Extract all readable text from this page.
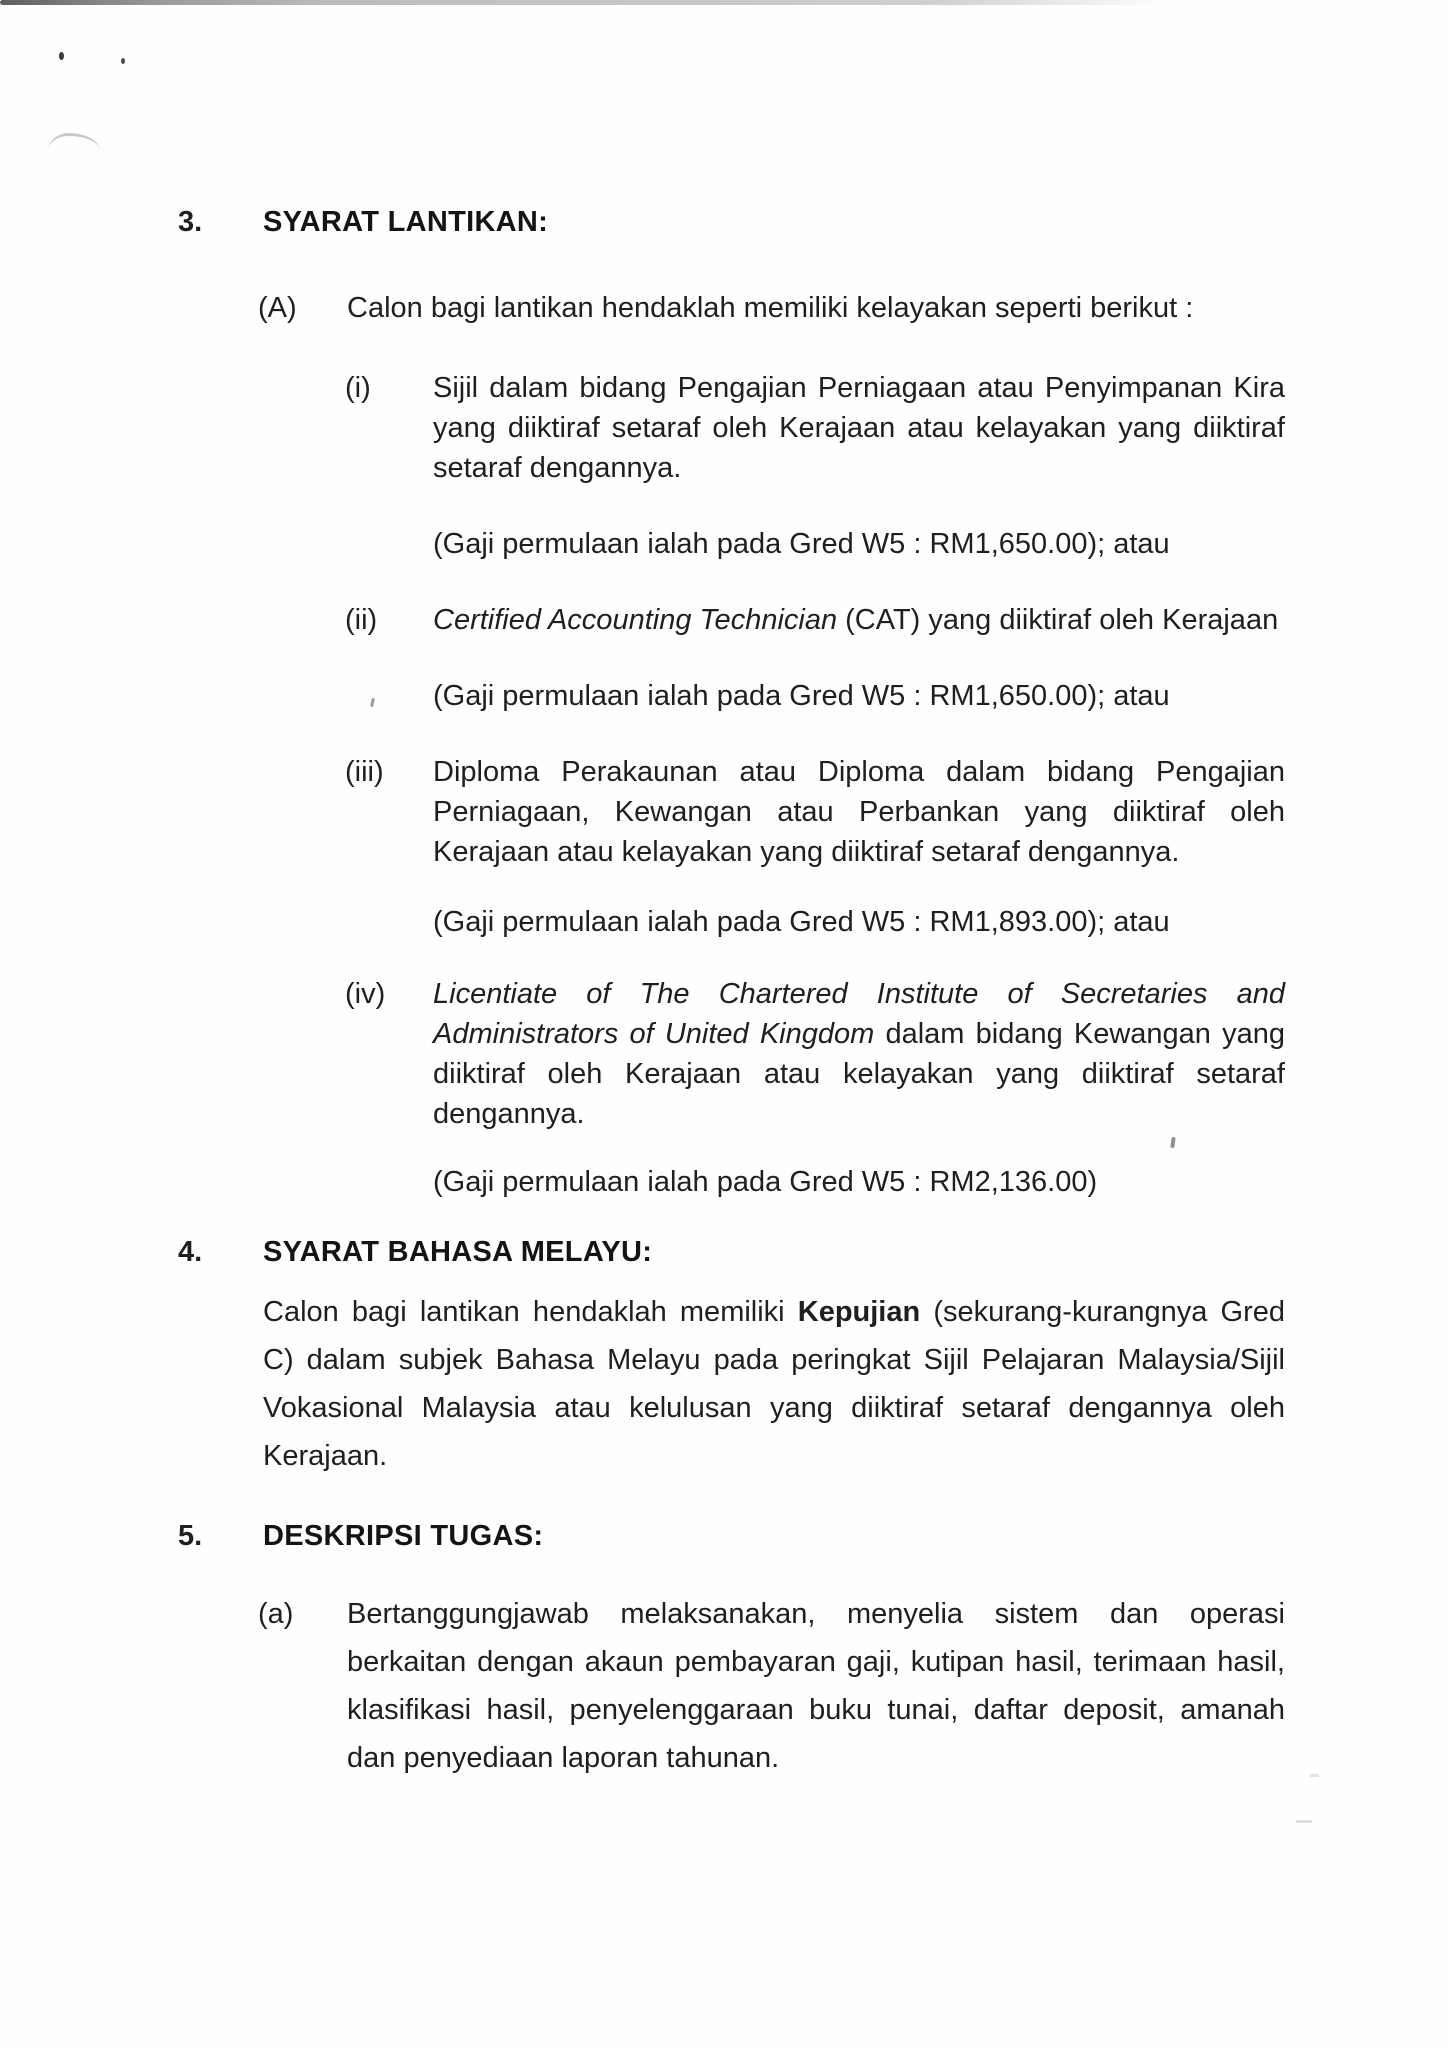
3.	SYARAT LANTIKAN:
(A)	Calon bagi lantikan hendaklah memiliki kelayakan seperti berikut :

(i)	Sijil dalam bidang Pengajian Perniagaan atau Penyimpanan Kira yang diiktiraf setaraf oleh Kerajaan atau kelayakan yang diiktiraf setaraf dengannya.

(Gaji permulaan ialah pada Gred W5 : RM1,650.00); atau

(ii)	Certified Accounting Technician (CAT) yang diiktiraf oleh Kerajaan

(Gaji permulaan ialah pada Gred W5 : RM1,650.00); atau

(iii)	Diploma Perakaunan atau Diploma dalam bidang Pengajian Perniagaan, Kewangan atau Perbankan yang diiktiraf oleh Kerajaan atau kelayakan yang diiktiraf setaraf dengannya.

(Gaji permulaan ialah pada Gred W5 : RM1,893.00); atau

(iv)	Licentiate of The Chartered Institute of Secretaries and Administrators of United Kingdom dalam bidang Kewangan yang diiktiraf oleh Kerajaan atau kelayakan yang diiktiraf setaraf dengannya.

(Gaji permulaan ialah pada Gred W5 : RM2,136.00)

4.	SYARAT BAHASA MELAYU:

Calon bagi lantikan hendaklah memiliki Kepujian (sekurang-kurangnya Gred C) dalam subjek Bahasa Melayu pada peringkat Sijil Pelajaran Malaysia/Sijil Vokasional Malaysia atau kelulusan yang diiktiraf setaraf dengannya oleh Kerajaan.

5.	DESKRIPSI TUGAS:
(a)	Bertanggungjawab melaksanakan, menyelia sistem dan operasi berkaitan dengan akaun pembayaran gaji, kutipan hasil, terimaan hasil, klasifikasi hasil, penyelenggaraan buku tunai, daftar deposit, amanah dan penyediaan laporan tahunan.
